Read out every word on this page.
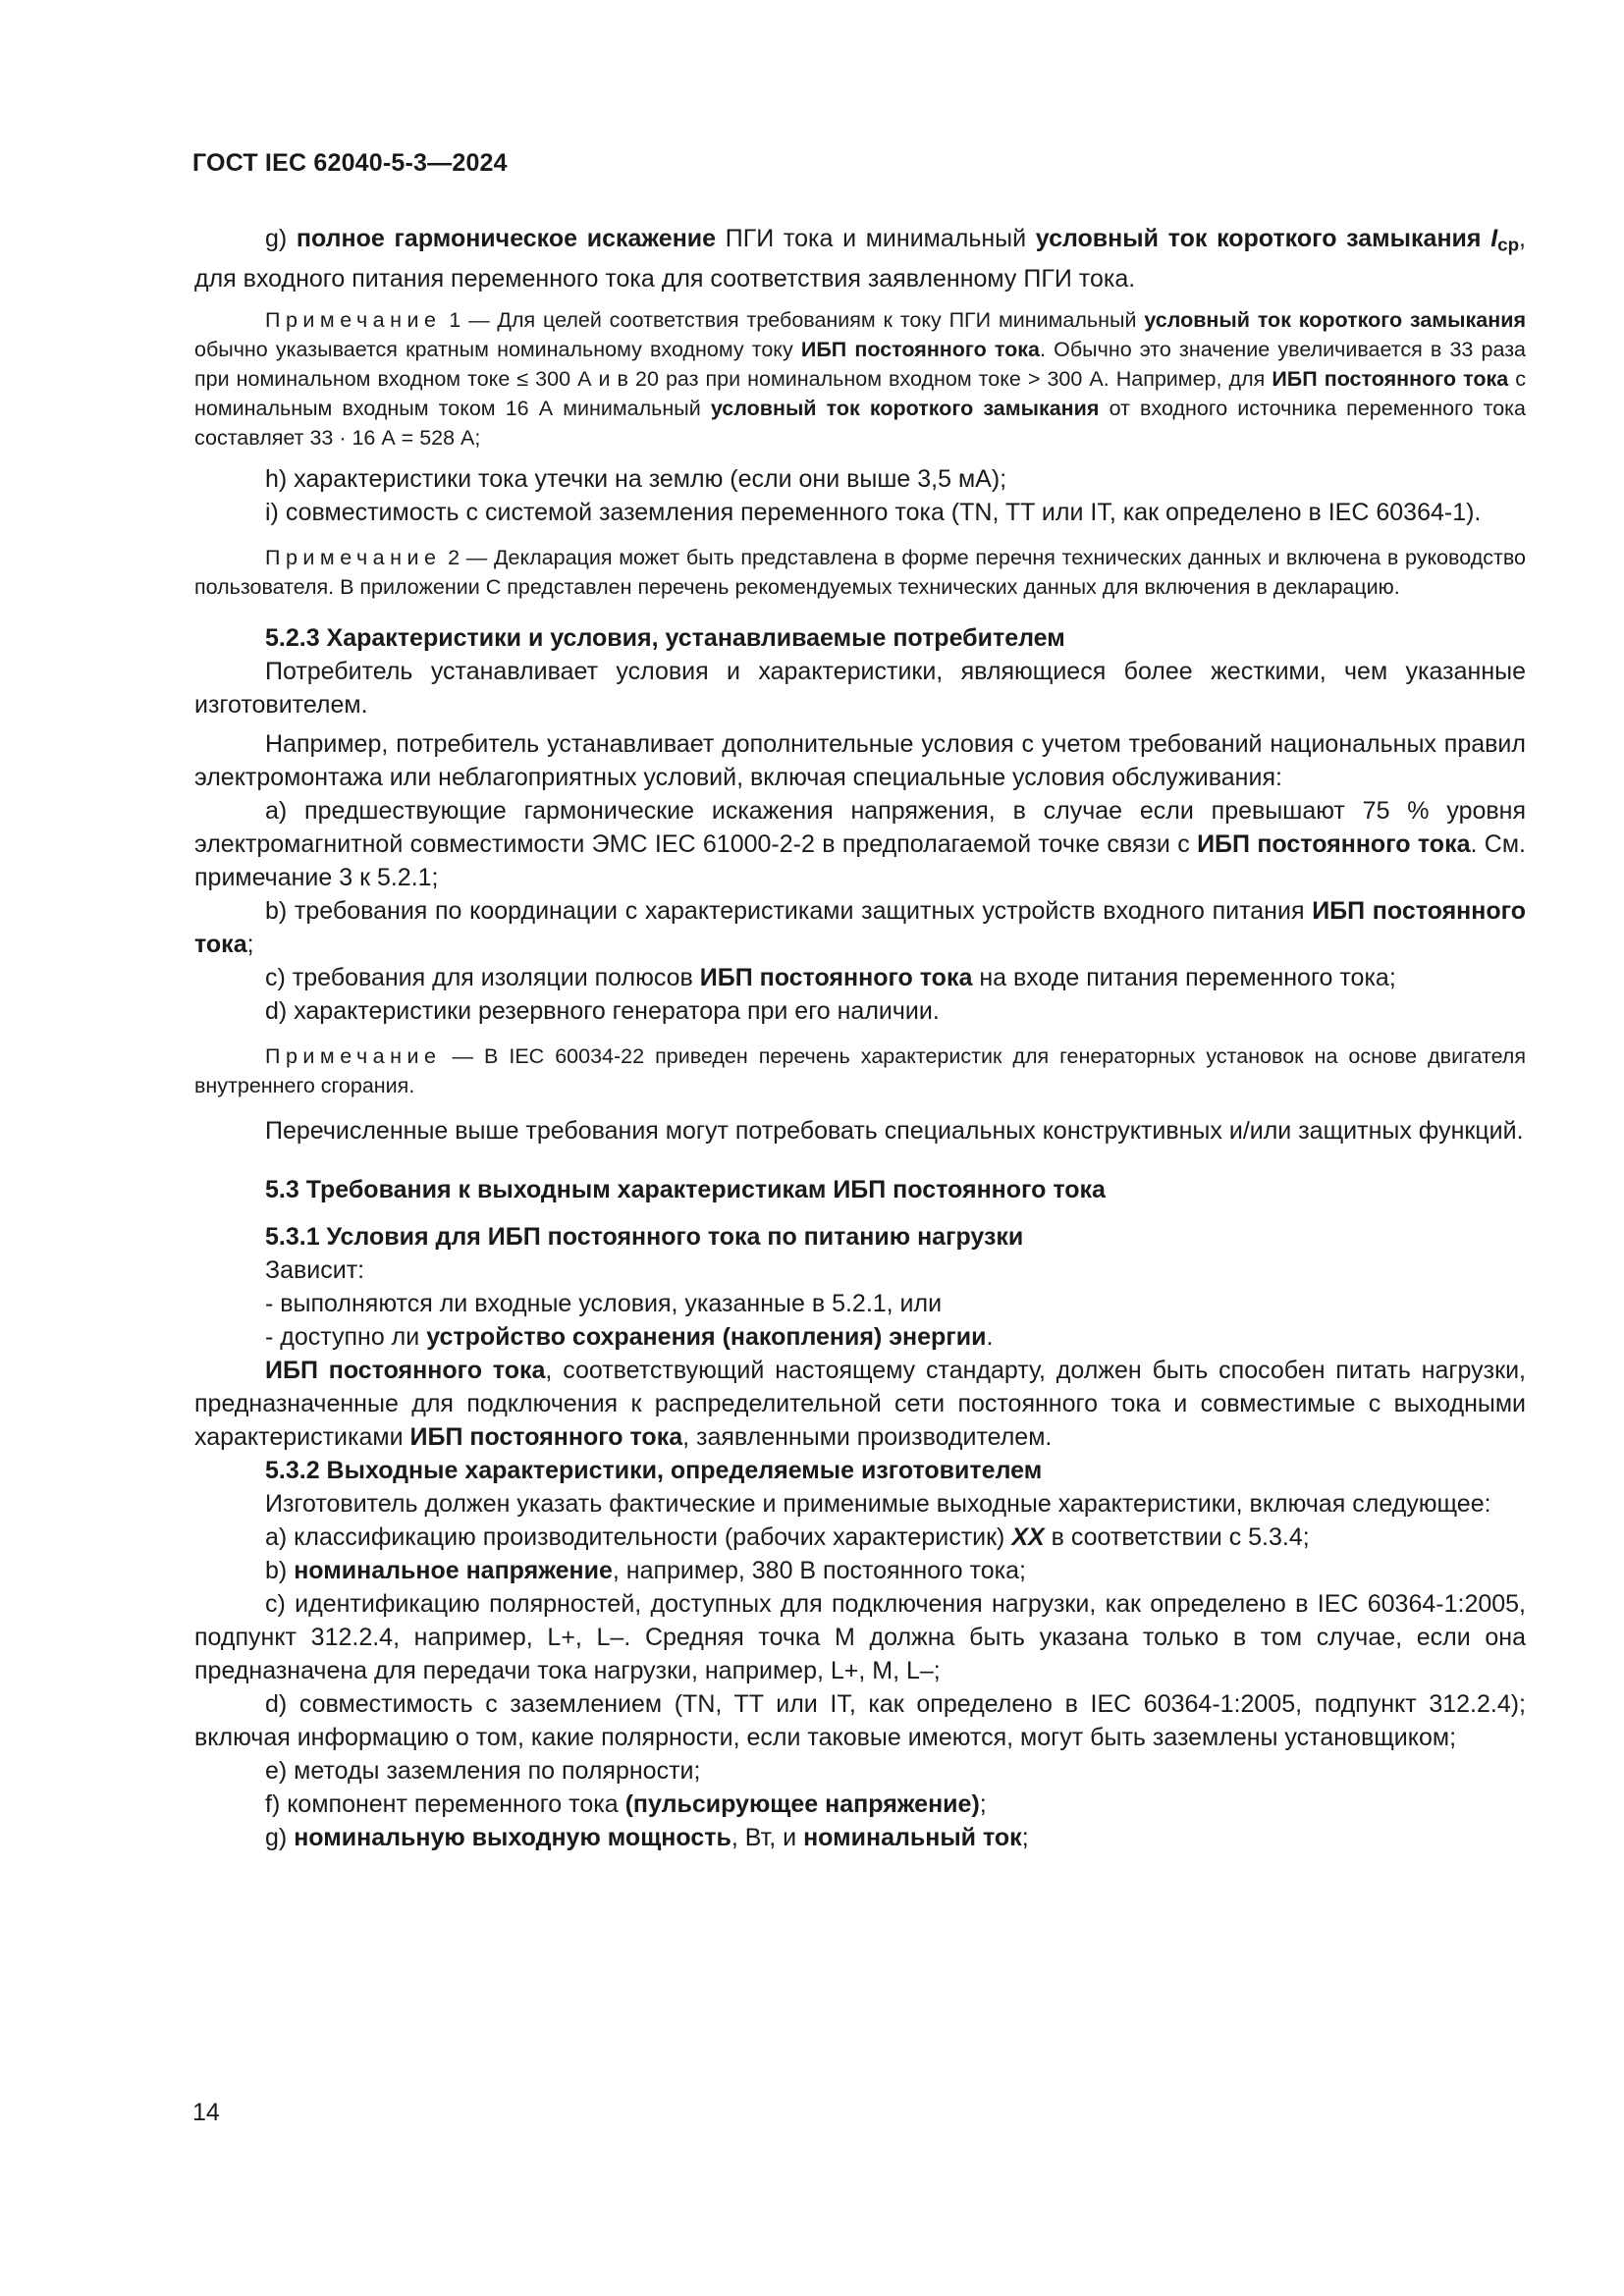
ГОСТ IEC 62040-5-3—2024

g) полное гармоническое искажение ПГИ тока и минимальный условный ток короткого замыкания $I_{ср}$, для входного питания переменного тока для соответствия заявленному ПГИ тока.

Примечание 1 — Для целей соответствия требованиям к току ПГИ минимальный условный ток короткого замыкания обычно указывается кратным номинальному входному току ИБП постоянного тока. Обычно это значение увеличивается в 33 раза при номинальном входном токе ≤ 300 А и в 20 раз при номинальном входном токе > 300 А. Например, для ИБП постоянного тока с номинальным входным током 16 А минимальный условный ток короткого замыкания от входного источника переменного тока составляет 33 · 16 А = 528 А;

h) характеристики тока утечки на землю (если они выше 3,5 мА);

i) совместимость с системой заземления переменного тока (TN, TT или IT, как определено в IEC 60364-1).

Примечание 2 — Декларация может быть представлена в форме перечня технических данных и включена в руководство пользователя. В приложении C представлен перечень рекомендуемых технических данных для включения в декларацию.

5.2.3 Характеристики и условия, устанавливаемые потребителем

Потребитель устанавливает условия и характеристики, являющиеся более жесткими, чем указанные изготовителем.

Например, потребитель устанавливает дополнительные условия с учетом требований национальных правил электромонтажа или неблагоприятных условий, включая специальные условия обслуживания:

a) предшествующие гармонические искажения напряжения, в случае если превышают 75 % уровня электромагнитной совместимости ЭМС IEC 61000-2-2 в предполагаемой точке связи с ИБП постоянного тока. См. примечание 3 к 5.2.1;

b) требования по координации с характеристиками защитных устройств входного питания ИБП постоянного тока;

c) требования для изоляции полюсов ИБП постоянного тока на входе питания переменного тока;

d) характеристики резервного генератора при его наличии.

Примечание — В IEC 60034-22 приведен перечень характеристик для генераторных установок на основе двигателя внутреннего сгорания.

Перечисленные выше требования могут потребовать специальных конструктивных и/или защитных функций.

5.3 Требования к выходным характеристикам ИБП постоянного тока

5.3.1 Условия для ИБП постоянного тока по питанию нагрузки

Зависит:

- выполняются ли входные условия, указанные в 5.2.1, или

- доступно ли устройство сохранения (накопления) энергии.

ИБП постоянного тока, соответствующий настоящему стандарту, должен быть способен питать нагрузки, предназначенные для подключения к распределительной сети постоянного тока и совместимые с выходными характеристиками ИБП постоянного тока, заявленными производителем.

5.3.2 Выходные характеристики, определяемые изготовителем

Изготовитель должен указать фактические и применимые выходные характеристики, включая следующее:

a) классификацию производительности (рабочих характеристик) XX в соответствии с 5.3.4;

b) номинальное напряжение, например, 380 В постоянного тока;

c) идентификацию полярностей, доступных для подключения нагрузки, как определено в IEC 60364-1:2005, подпункт 312.2.4, например, L+, L–. Средняя точка M должна быть указана только в том случае, если она предназначена для передачи тока нагрузки, например, L+, M, L–;

d) совместимость с заземлением (TN, TT или IT, как определено в IEC 60364-1:2005, подпункт 312.2.4); включая информацию о том, какие полярности, если таковые имеются, могут быть заземлены установщиком;

e) методы заземления по полярности;

f) компонент переменного тока (пульсирующее напряжение);

g) номинальную выходную мощность, Вт, и номинальный ток;

14
